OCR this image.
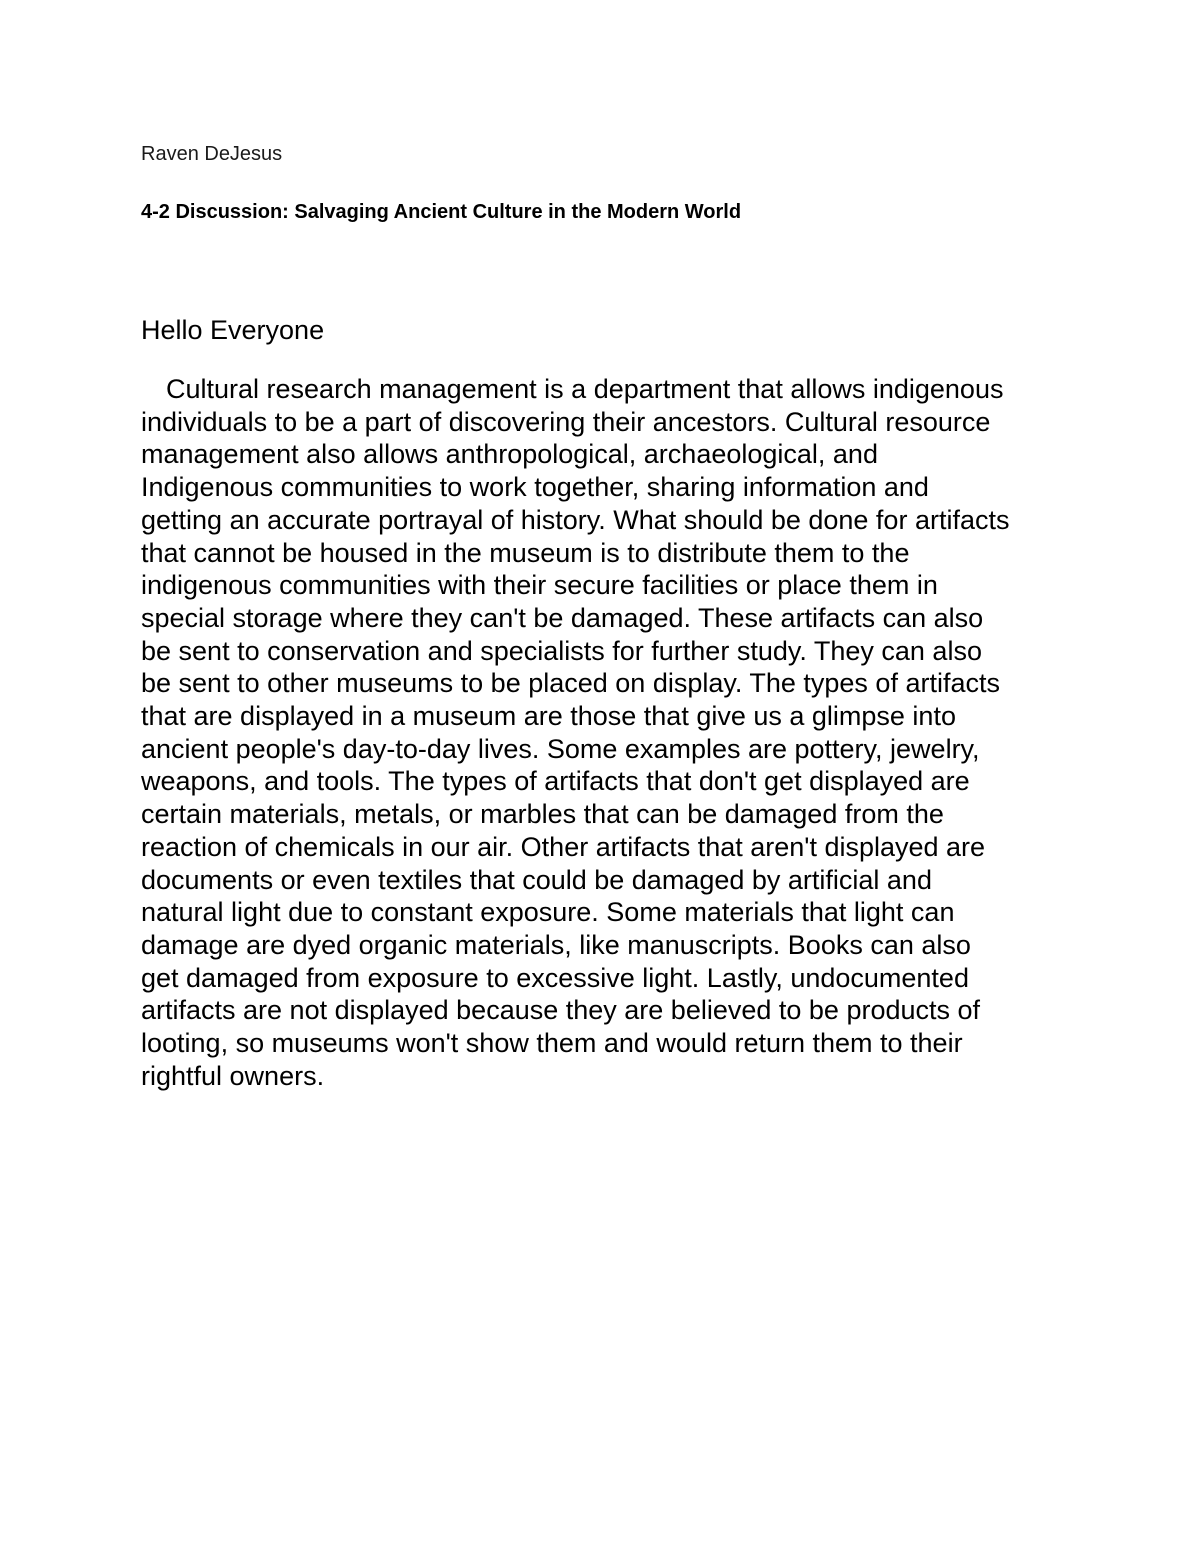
Raven DeJesus
4-2 Discussion: Salvaging Ancient Culture in the Modern World
Hello Everyone

Cultural research management is a department that allows indigenous
individuals to be a part of discovering their ancestors. Cultural resource
management also allows anthropological, archaeological, and
Indigenous communities to work together, sharing information and
getting an accurate portrayal of history. What should be done for artifacts
that cannot be housed in the museum is to distribute them to the
indigenous communities with their secure facilities or place them in
special storage where they can't be damaged. These artifacts can also
be sent to conservation and specialists for further study. They can also
be sent to other museums to be placed on display. The types of artifacts
that are displayed in a museum are those that give us a glimpse into
ancient people's day-to-day lives. Some examples are pottery, jewelry,
weapons, and tools. The types of artifacts that don't get displayed are
certain materials, metals, or marbles that can be damaged from the
reaction of chemicals in our air. Other artifacts that aren't displayed are
documents or even textiles that could be damaged by artificial and
natural light due to constant exposure. Some materials that light can
damage are dyed organic materials, like manuscripts. Books can also
get damaged from exposure to excessive light. Lastly, undocumented
artifacts are not displayed because they are believed to be products of
looting, so museums won't show them and would return them to their
rightful owners.
